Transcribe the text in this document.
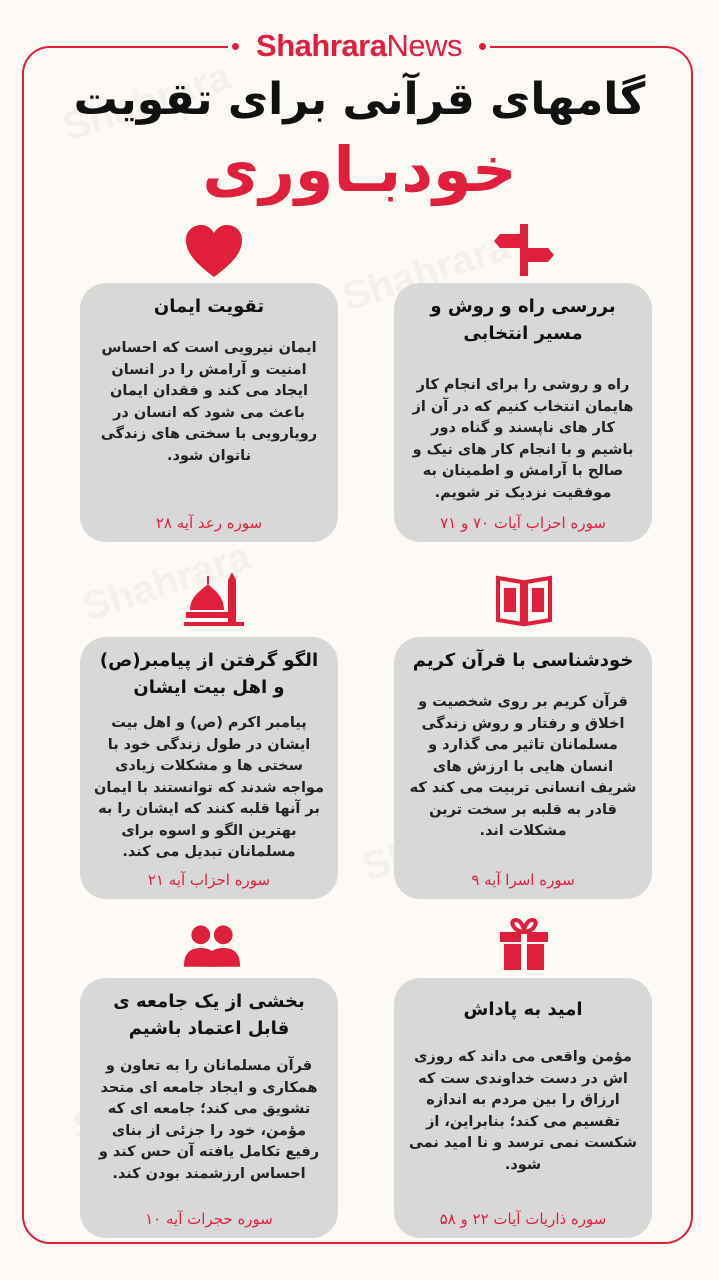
ShahraraNews
گامهای قرآنی برای تقویت
خودبـاوری
بررسی راه و روش و مسیر انتخابی
راه و روشی را برای انجام کار هایمان انتخاب کنیم که در آن از کار های ناپسند و گناه دور باشیم و با انجام کار های نیک و صالح با آرامش و اطمینان به موفقیت نزدیک تر شویم.
سوره احزاب آیات ۷۰ و ۷۱
تقویت ایمان
ایمان نیرویی است که احساس امنیت و آرامش را در انسان ایجاد می کند و فقدان ایمان باعث می شود که انسان در رویارویی با سختی های زندگی ناتوان شود.
سوره رعد آیه ۲۸
خودشناسی با قرآن کریم
قرآن کریم بر روی شخصیت و اخلاق و رفتار و روش زندگی مسلمانان تاثیر می گذارد و انسان هایی با ارزش های شریف انسانی تربیت می کند که قادر به قلبه بر سخت ترین مشکلات اند.
سوره اسرا آیه ۹
الگو گرفتن از پیامبر(ص) و اهل بیت ایشان
پیامبر اکرم (ص) و اهل بیت ایشان در طول زندگی خود با سختی ها و مشکلات زیادی مواجه شدند که توانستند با ایمان بر آنها قلبه کنند که ایشان را به بهترین الگو و اسوه برای مسلمانان تبدیل می کند.
سوره احزاب آیه ۲۱
امید به پاداش
مؤمن واقعی می داند که روزی اش در دست خداوندی ست که ارزاق را بین مردم به اندازه تقسیم می کند؛ بنابراین، از شکست نمی ترسد و نا امید نمی شود.
سوره ذاریات آیات ۲۲ و ۵۸
بخشی از یک جامعه ی قابل اعتماد باشیم
قرآن مسلمانان را به تعاون و همکاری و ایجاد جامعه ای متحد تشویق می کند؛ جامعه ای که مؤمن، خود را جزئی از بنای رفیع تکامل یافته آن حس کند و احساس ارزشمند بودن کند.
سوره حجرات آیه ۱۰
